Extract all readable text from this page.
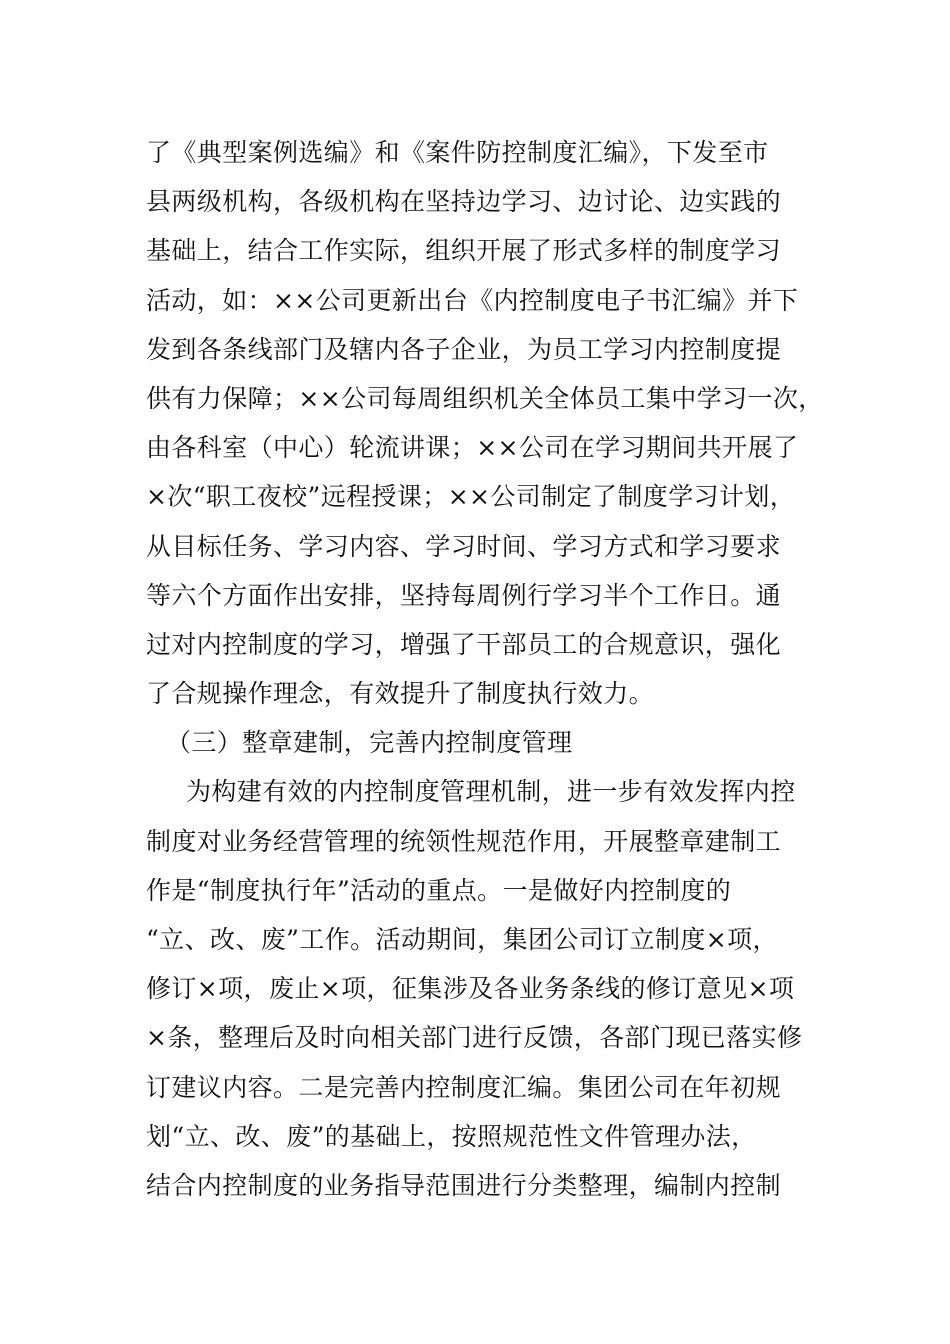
了《典型案例选编》和《案件防控制度汇编》，下发至市
县两级机构，各级机构在坚持边学习、边讨论、边实践的
基础上，结合工作实际，组织开展了形式多样的制度学习
活动，如：××公司更新出台《内控制度电子书汇编》并下
发到各条线部门及辖内各子企业，为员工学习内控制度提
供有力保障；××公司每周组织机关全体员工集中学习一次，
由各科室（中心）轮流讲课；××公司在学习期间共开展了
×次“职工夜校”远程授课；××公司制定了制度学习计划，
从目标任务、学习内容、学习时间、学习方式和学习要求
等六个方面作出安排，坚持每周例行学习半个工作日。通
过对内控制度的学习，增强了干部员工的合规意识，强化
了合规操作理念，有效提升了制度执行效力。
（三）整章建制，完善内控制度管理
为构建有效的内控制度管理机制，进一步有效发挥内控
制度对业务经营管理的统领性规范作用，开展整章建制工
作是“制度执行年”活动的重点。一是做好内控制度的
“立、改、废”工作。活动期间，集团公司订立制度×项，
修订×项，废止×项，征集涉及各业务条线的修订意见×项
×条，整理后及时向相关部门进行反馈，各部门现已落实修
订建议内容。二是完善内控制度汇编。集团公司在年初规
划“立、改、废”的基础上，按照规范性文件管理办法，
结合内控制度的业务指导范围进行分类整理，编制内控制
